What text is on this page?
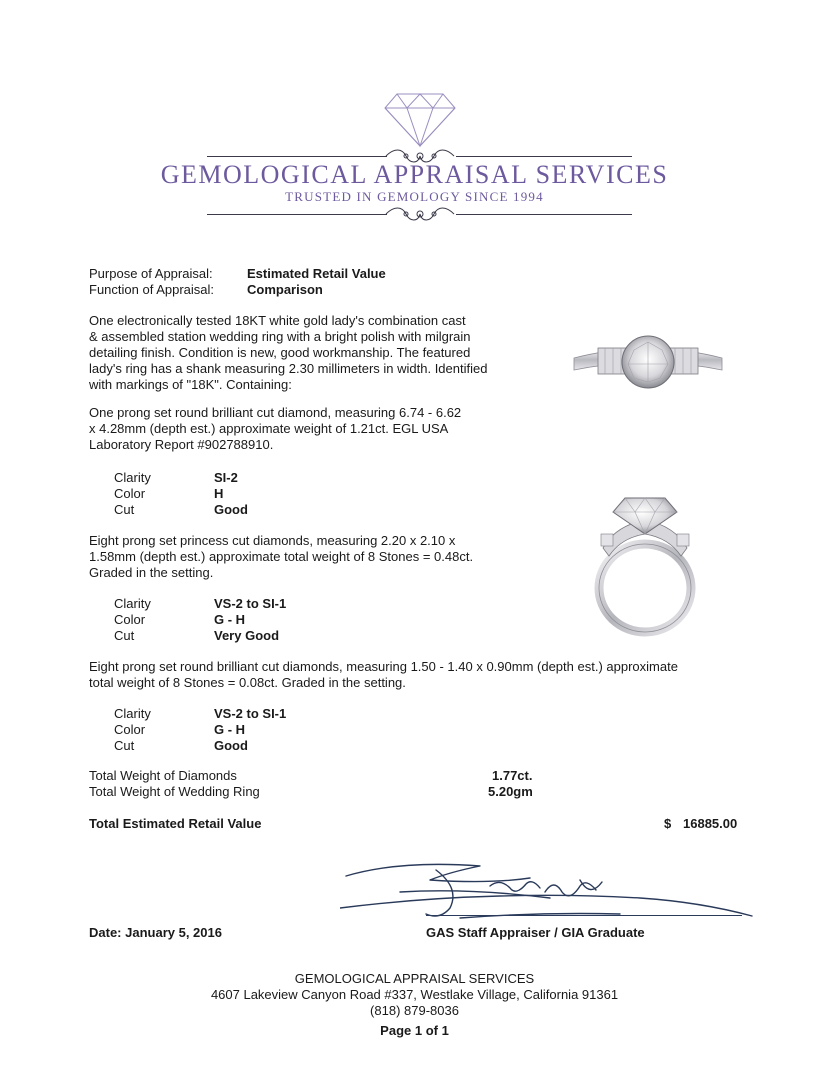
GEMOLOGICAL APPRAISAL SERVICES
TRUSTED IN GEMOLOGY SINCE 1994
Purpose of Appraisal:	Estimated Retail Value
Function of Appraisal:	Comparison
One electronically tested 18KT white gold lady's combination cast
& assembled station wedding ring with a bright polish with milgrain
detailing finish. Condition is new, good workmanship. The featured
lady's ring has a shank measuring 2.30 millimeters in width. Identified
with markings of "18K". Containing:
One prong set round brilliant cut diamond, measuring 6.74 - 6.62
x 4.28mm (depth est.) approximate weight of 1.21ct. EGL USA
Laboratory Report #902788910.
Clarity	SI-2
Color	H
Cut	Good
Eight prong set princess cut diamonds, measuring 2.20 x 2.10 x
1.58mm (depth est.) approximate total weight of 8 Stones = 0.48ct.
Graded in the setting.
Clarity	VS-2 to SI-1
Color	G - H
Cut	Very Good
Eight prong set round brilliant cut diamonds, measuring 1.50 - 1.40 x 0.90mm (depth est.) approximate
total weight of 8 Stones = 0.08ct. Graded in the setting.
Clarity	VS-2 to SI-1
Color	G - H
Cut	Good
Total Weight of Diamonds	1.77ct.
Total Weight of Wedding Ring	5.20gm
Total Estimated Retail Value	$ 16885.00
Date: January 5, 2016	GAS Staff Appraiser / GIA Graduate
GEMOLOGICAL APPRAISAL SERVICES
4607 Lakeview Canyon Road #337, Westlake Village, California 91361
(818) 879-8036
Page 1 of 1
